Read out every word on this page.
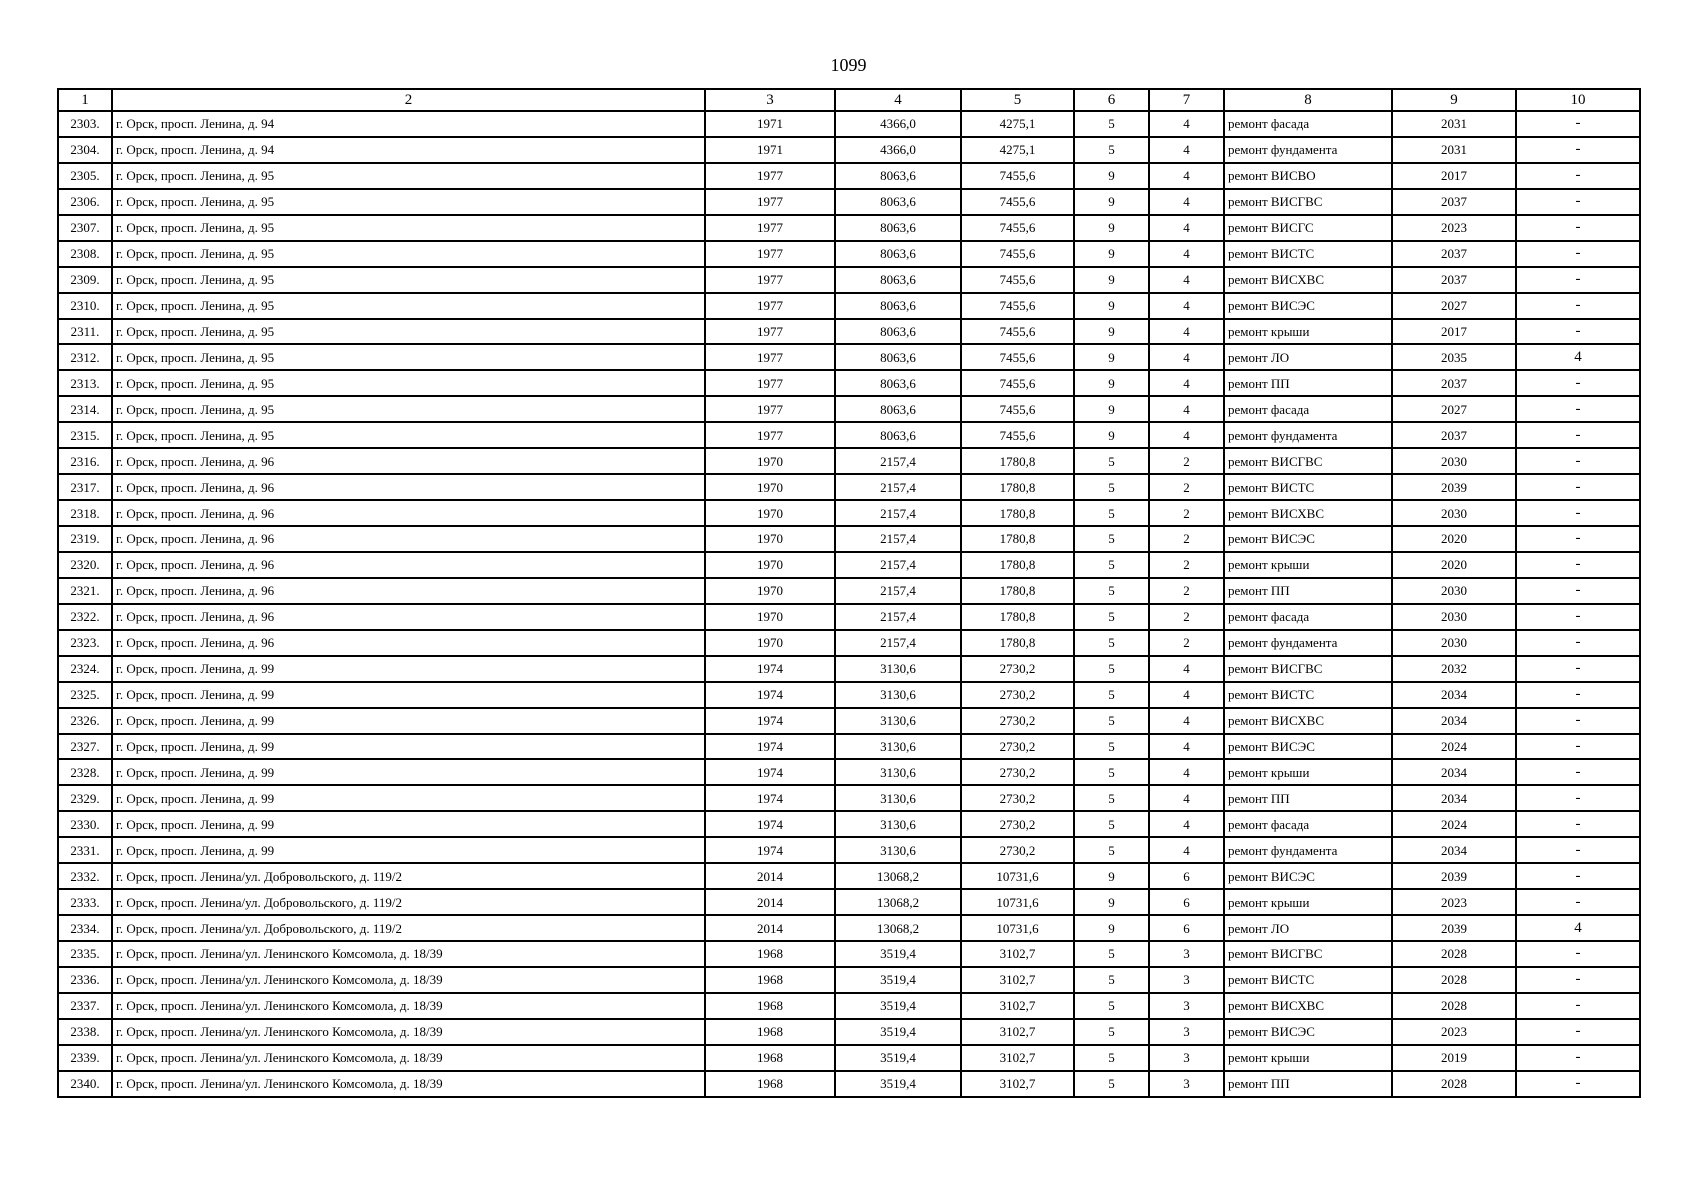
1099
1	2	3	4	5	6	7	8	9	10
2303.	г. Орск, просп. Ленина, д. 94	1971	4366,0	4275,1	5	4	ремонт фасада	2031	-
2304.	г. Орск, просп. Ленина, д. 94	1971	4366,0	4275,1	5	4	ремонт фундамента	2031	-
2305.	г. Орск, просп. Ленина, д. 95	1977	8063,6	7455,6	9	4	ремонт ВИСВО	2017	-
2306.	г. Орск, просп. Ленина, д. 95	1977	8063,6	7455,6	9	4	ремонт ВИСГВС	2037	-
2307.	г. Орск, просп. Ленина, д. 95	1977	8063,6	7455,6	9	4	ремонт ВИСГС	2023	-
2308.	г. Орск, просп. Ленина, д. 95	1977	8063,6	7455,6	9	4	ремонт ВИСТС	2037	-
2309.	г. Орск, просп. Ленина, д. 95	1977	8063,6	7455,6	9	4	ремонт ВИСХВС	2037	-
2310.	г. Орск, просп. Ленина, д. 95	1977	8063,6	7455,6	9	4	ремонт ВИСЭС	2027	-
2311.	г. Орск, просп. Ленина, д. 95	1977	8063,6	7455,6	9	4	ремонт крыши	2017	-
2312.	г. Орск, просп. Ленина, д. 95	1977	8063,6	7455,6	9	4	ремонт ЛО	2035	4
2313.	г. Орск, просп. Ленина, д. 95	1977	8063,6	7455,6	9	4	ремонт ПП	2037	-
2314.	г. Орск, просп. Ленина, д. 95	1977	8063,6	7455,6	9	4	ремонт фасада	2027	-
2315.	г. Орск, просп. Ленина, д. 95	1977	8063,6	7455,6	9	4	ремонт фундамента	2037	-
2316.	г. Орск, просп. Ленина, д. 96	1970	2157,4	1780,8	5	2	ремонт ВИСГВС	2030	-
2317.	г. Орск, просп. Ленина, д. 96	1970	2157,4	1780,8	5	2	ремонт ВИСТС	2039	-
2318.	г. Орск, просп. Ленина, д. 96	1970	2157,4	1780,8	5	2	ремонт ВИСХВС	2030	-
2319.	г. Орск, просп. Ленина, д. 96	1970	2157,4	1780,8	5	2	ремонт ВИСЭС	2020	-
2320.	г. Орск, просп. Ленина, д. 96	1970	2157,4	1780,8	5	2	ремонт крыши	2020	-
2321.	г. Орск, просп. Ленина, д. 96	1970	2157,4	1780,8	5	2	ремонт ПП	2030	-
2322.	г. Орск, просп. Ленина, д. 96	1970	2157,4	1780,8	5	2	ремонт фасада	2030	-
2323.	г. Орск, просп. Ленина, д. 96	1970	2157,4	1780,8	5	2	ремонт фундамента	2030	-
2324.	г. Орск, просп. Ленина, д. 99	1974	3130,6	2730,2	5	4	ремонт ВИСГВС	2032	-
2325.	г. Орск, просп. Ленина, д. 99	1974	3130,6	2730,2	5	4	ремонт ВИСТС	2034	-
2326.	г. Орск, просп. Ленина, д. 99	1974	3130,6	2730,2	5	4	ремонт ВИСХВС	2034	-
2327.	г. Орск, просп. Ленина, д. 99	1974	3130,6	2730,2	5	4	ремонт ВИСЭС	2024	-
2328.	г. Орск, просп. Ленина, д. 99	1974	3130,6	2730,2	5	4	ремонт крыши	2034	-
2329.	г. Орск, просп. Ленина, д. 99	1974	3130,6	2730,2	5	4	ремонт ПП	2034	-
2330.	г. Орск, просп. Ленина, д. 99	1974	3130,6	2730,2	5	4	ремонт фасада	2024	-
2331.	г. Орск, просп. Ленина, д. 99	1974	3130,6	2730,2	5	4	ремонт фундамента	2034	-
2332.	г. Орск, просп. Ленина/ул. Добровольского, д. 119/2	2014	13068,2	10731,6	9	6	ремонт ВИСЭС	2039	-
2333.	г. Орск, просп. Ленина/ул. Добровольского, д. 119/2	2014	13068,2	10731,6	9	6	ремонт крыши	2023	-
2334.	г. Орск, просп. Ленина/ул. Добровольского, д. 119/2	2014	13068,2	10731,6	9	6	ремонт ЛО	2039	4
2335.	г. Орск, просп. Ленина/ул. Ленинского Комсомола, д. 18/39	1968	3519,4	3102,7	5	3	ремонт ВИСГВС	2028	-
2336.	г. Орск, просп. Ленина/ул. Ленинского Комсомола, д. 18/39	1968	3519,4	3102,7	5	3	ремонт ВИСТС	2028	-
2337.	г. Орск, просп. Ленина/ул. Ленинского Комсомола, д. 18/39	1968	3519,4	3102,7	5	3	ремонт ВИСХВС	2028	-
2338.	г. Орск, просп. Ленина/ул. Ленинского Комсомола, д. 18/39	1968	3519,4	3102,7	5	3	ремонт ВИСЭС	2023	-
2339.	г. Орск, просп. Ленина/ул. Ленинского Комсомола, д. 18/39	1968	3519,4	3102,7	5	3	ремонт крыши	2019	-
2340.	г. Орск, просп. Ленина/ул. Ленинского Комсомола, д. 18/39	1968	3519,4	3102,7	5	3	ремонт ПП	2028	-
